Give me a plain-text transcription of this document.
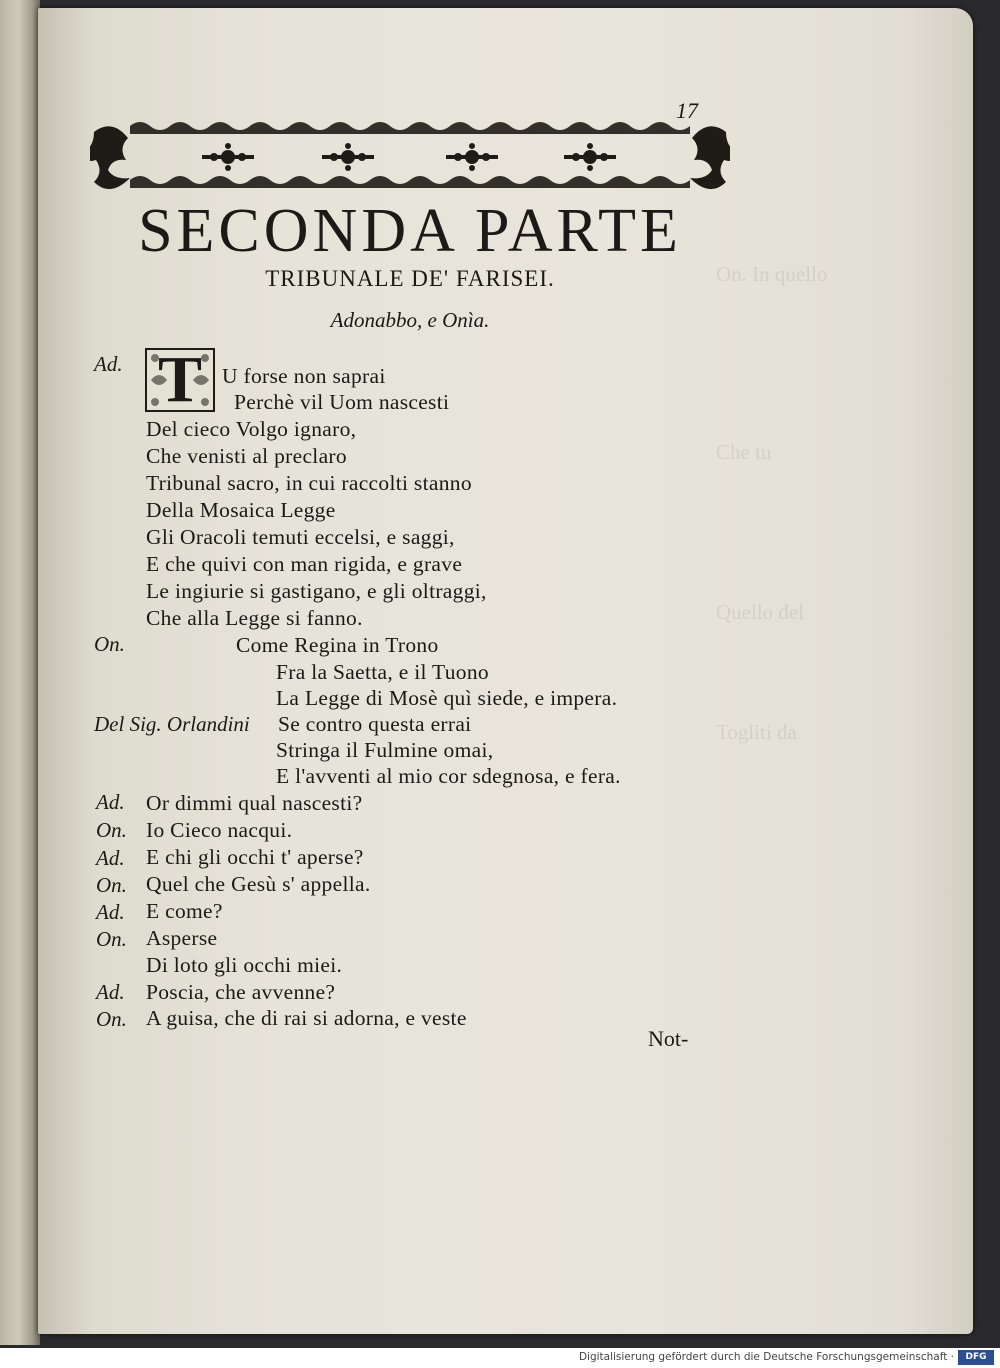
On. In quello
Che tu
Quello del
Togliti da
17
SECONDA PARTE
TRIBUNALE DE' FARISEI.
Adonabbo, e Onìa.
T
Ad.
On.
Del Sig. Orlandini
Ad.
On.
Ad.
On.
Ad.
On.
Ad.
On.
U forse non saprai
Perchè vil Uom nascesti
Del cieco Volgo ignaro,
Che venisti al preclaro
Tribunal sacro, in cui raccolti stanno
Della Mosaica Legge
Gli Oracoli temuti eccelsi, e saggi,
E che quivi con man rigida, e grave
Le ingiurie si gastigano, e gli oltraggi,
Che alla Legge si fanno.
Come Regina in Trono
Fra la Saetta, e il Tuono
La Legge di Mosè quì siede, e impera.
Se contro questa errai
Stringa il Fulmine omai,
E l'avventi al mio cor sdegnosa, e fera.
Or dimmi qual nascesti?
Io Cieco nacqui.
E chi gli occhi t' aperse?
Quel che Gesù s' appella.
E come?
Asperse
Di loto gli occhi miei.
Poscia, che avvenne?
A guisa, che di rai si adorna, e veste
Not-
Digitalisierung gefördert durch die Deutsche Forschungsgemeinschaft ·	DFG
